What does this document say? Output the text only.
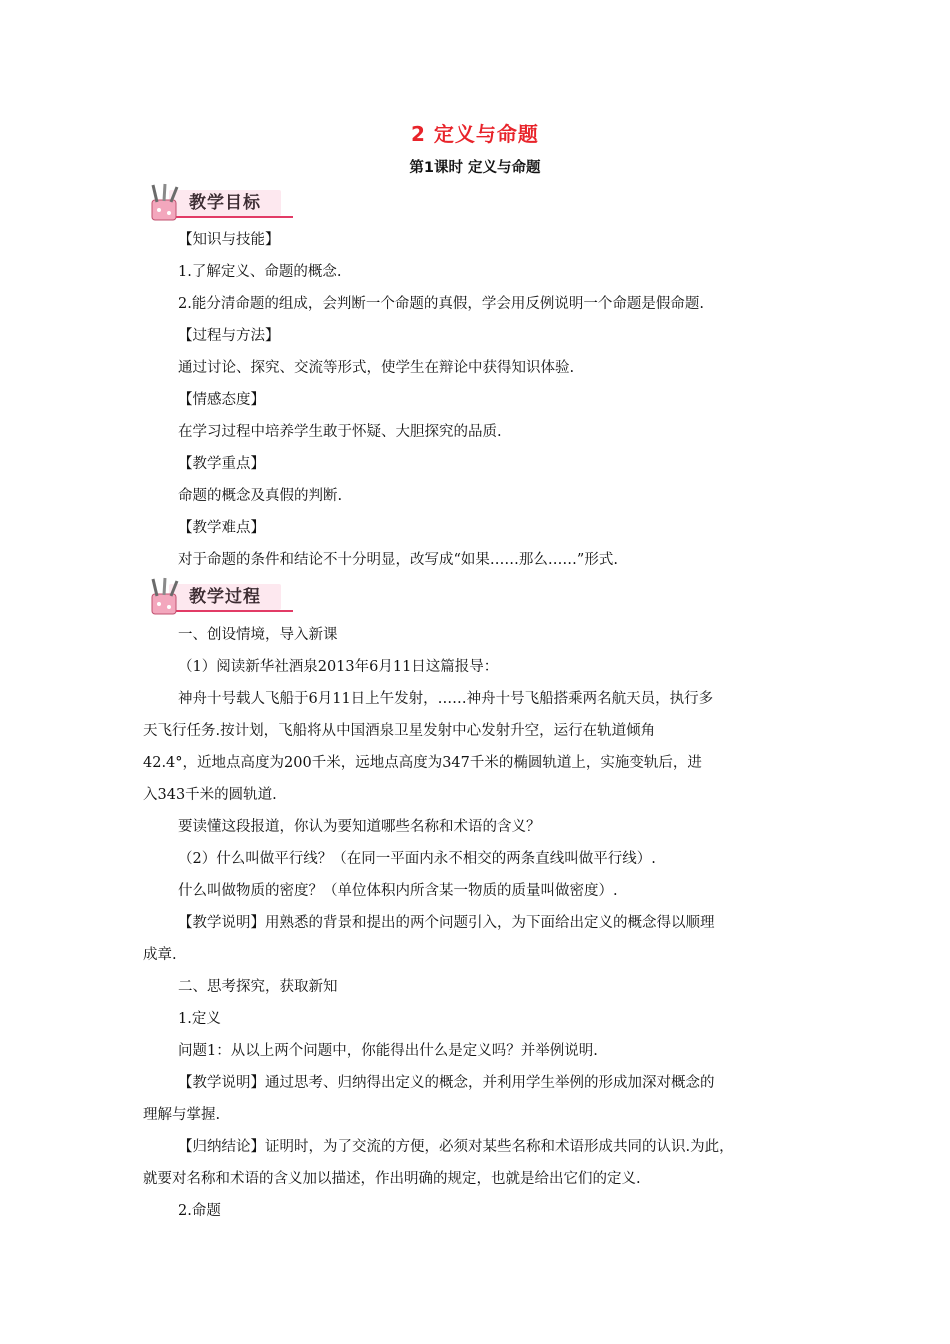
2 定义与命题
第1课时 定义与命题
教学目标
【知识与技能】
1.了解定义、命题的概念.
2.能分清命题的组成，会判断一个命题的真假，学会用反例说明一个命题是假命题.
【过程与方法】
通过讨论、探究、交流等形式，使学生在辩论中获得知识体验.
【情感态度】
在学习过程中培养学生敢于怀疑、大胆探究的品质.
【教学重点】
命题的概念及真假的判断.
【教学难点】
对于命题的条件和结论不十分明显，改写成“如果……那么……”形式.
教学过程
一、创设情境，导入新课
（1）阅读新华社酒泉2013年6月11日这篇报导：
神舟十号载人飞船于6月11日上午发射，……神舟十号飞船搭乘两名航天员，执行多
天飞行任务.按计划，飞船将从中国酒泉卫星发射中心发射升空，运行在轨道倾角
42.4°，近地点高度为200千米，远地点高度为347千米的椭圆轨道上，实施变轨后，进
入343千米的圆轨道.
要读懂这段报道，你认为要知道哪些名称和术语的含义？
（2）什么叫做平行线？（在同一平面内永不相交的两条直线叫做平行线）.
什么叫做物质的密度？（单位体积内所含某一物质的质量叫做密度）.
【教学说明】用熟悉的背景和提出的两个问题引入，为下面给出定义的概念得以顺理
成章.
二、思考探究，获取新知
1.定义
问题1：从以上两个问题中，你能得出什么是定义吗？并举例说明.
【教学说明】通过思考、归纳得出定义的概念，并利用学生举例的形成加深对概念的
理解与掌握.
【归纳结论】证明时，为了交流的方便，必须对某些名称和术语形成共同的认识.为此，
就要对名称和术语的含义加以描述，作出明确的规定，也就是给出它们的定义.
2.命题
